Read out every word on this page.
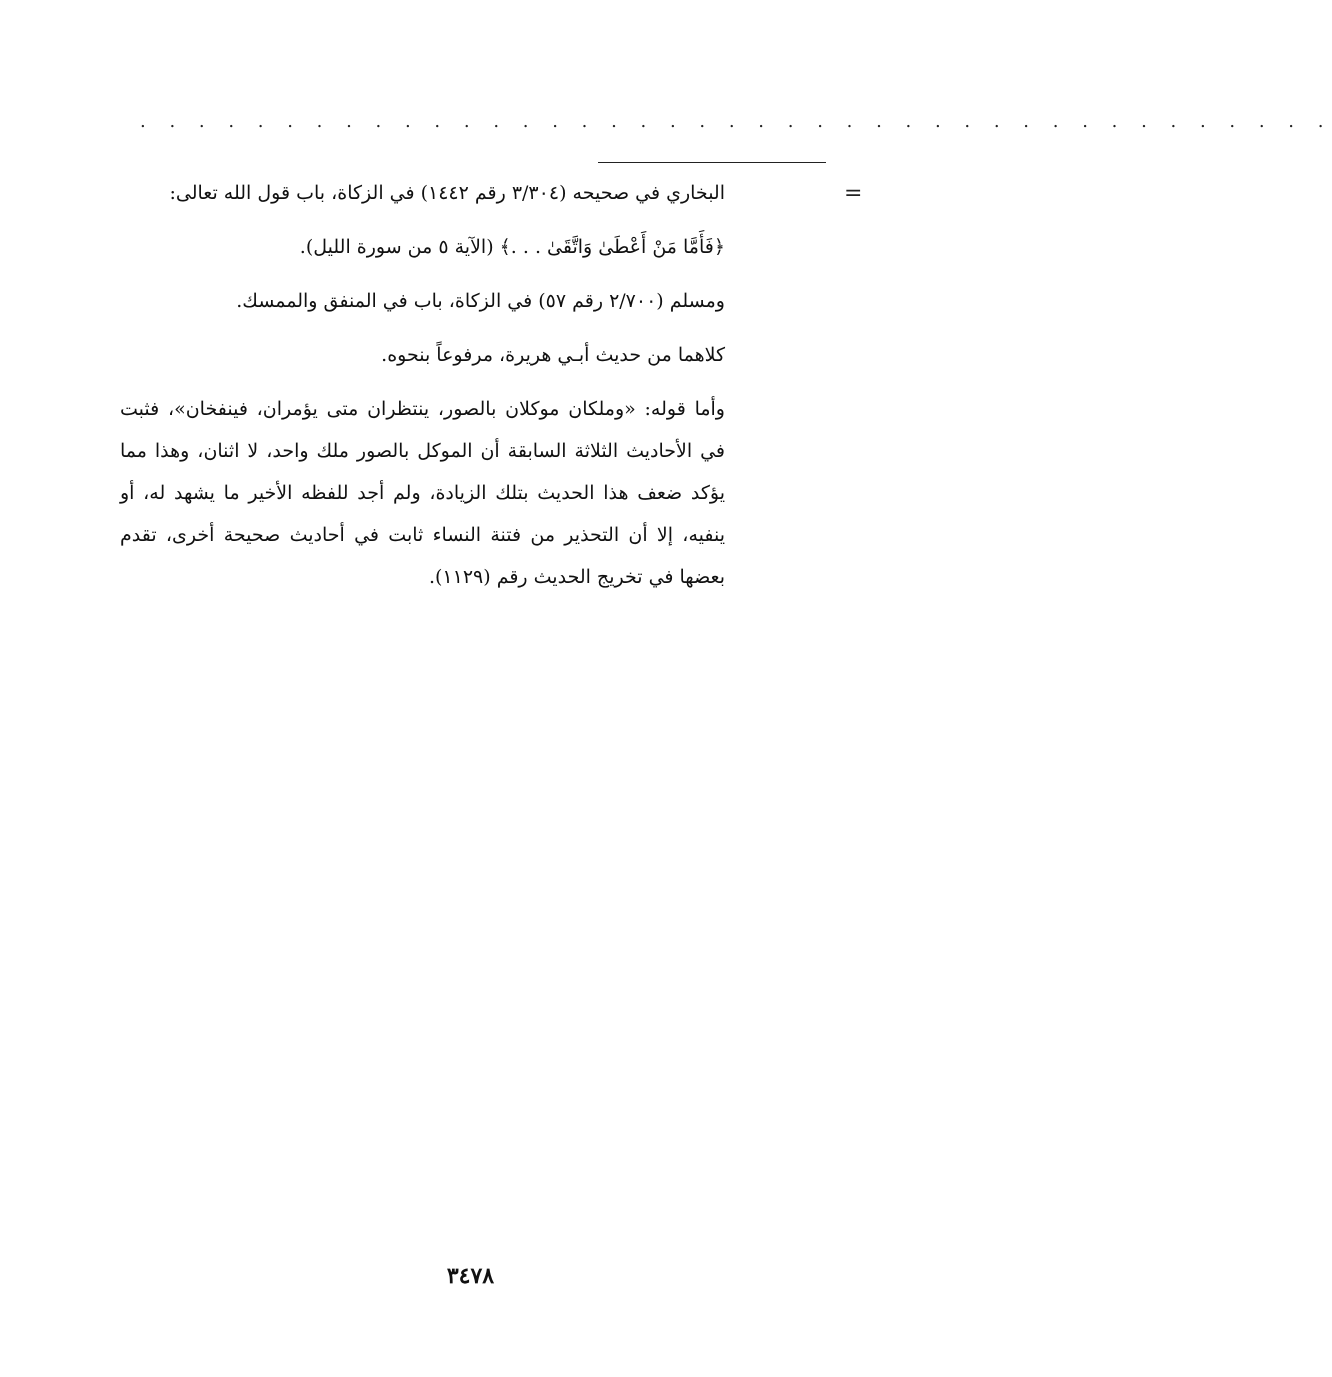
. . . . . . . . . . . . . . . . . . . . . . . . . . . . . . . . . . . . . . . . .
=

البخاري في صحيحه (٣/٣٠٤ رقم ١٤٤٢) في الزكاة، باب قول الله تعالى:

﴿فَأَمَّا مَنْ أَعْطَىٰ وَاتَّقَىٰ . . .﴾ (الآية ٥ من سورة الليل).

ومسلم (٢/٧٠٠ رقم ٥٧) في الزكاة، باب في المنفق والممسك.

كلاهما من حديث أبـي هريرة، مرفوعاً بنحوه.

وأما قوله: «وملكان موكلان بالصور، ينتظران متى يؤمران، فينفخان»، فثبت في الأحاديث الثلاثة السابقة أن الموكل بالصور ملك واحد، لا اثنان، وهذا مما يؤكد ضعف هذا الحديث بتلك الزيادة، ولم أجد للفظه الأخير ما يشهد له، أو ينفيه، إلا أن التحذير من فتنة النساء ثابت في أحاديث صحيحة أخرى، تقدم بعضها في تخريج الحديث رقم (١١٢٩).

٣٤٧٨
